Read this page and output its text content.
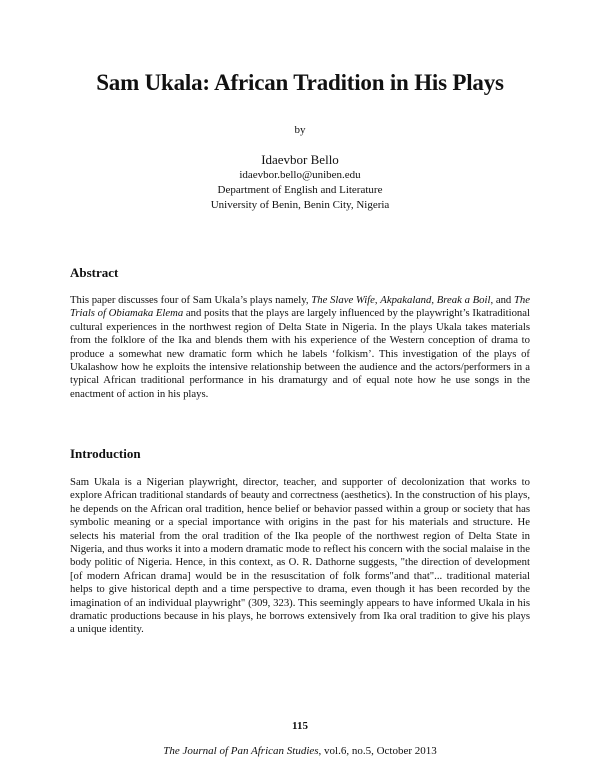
Sam Ukala: African Tradition in His Plays
by
Idaevbor Bello
idaevbor.bello@uniben.edu
Department of English and Literature
University of Benin, Benin City, Nigeria
Abstract
This paper discusses four of Sam Ukala’s plays namely, The Slave Wife, Akpakaland, Break a Boil, and The Trials of Obiamaka Elema and posits that the plays are largely influenced by the playwright’s Ikatraditional cultural experiences in the northwest region of Delta State in Nigeria. In the plays Ukala takes materials from the folklore of the Ika and blends them with his experience of the Western conception of drama to produce a somewhat new dramatic form which he labels ‘folkism’. This investigation of the plays of Ukalashow how he exploits the intensive relationship between the audience and the actors/performers in a typical African traditional performance in his dramaturgy and of equal note how he use songs in the enactment of action in his plays.
Introduction
Sam Ukala is a Nigerian playwright, director, teacher, and supporter of decolonization that works to explore African traditional standards of beauty and correctness (aesthetics). In the construction of his plays, he depends on the African oral tradition, hence belief or behavior passed within a group or society that has symbolic meaning or a special importance with origins in the past for his materials and structure. He selects his material from the oral tradition of the Ika people of the northwest region of Delta State in Nigeria, and thus works it into a modern dramatic mode to reflect his concern with the social malaise in the body politic of Nigeria. Hence, in this context, as O. R. Dathorne suggests, "the direction of development [of modern African drama] would be in the resuscitation of folk forms"and that"... traditional material helps to give historical depth and a time perspective to drama, even though it has been recorded by the imagination of an individual playwright" (309, 323). This seemingly appears to have informed Ukala in his dramatic productions because in his plays, he borrows extensively from Ika oral tradition to give his plays a unique identity.
115
The Journal of Pan African Studies, vol.6, no.5, October 2013
